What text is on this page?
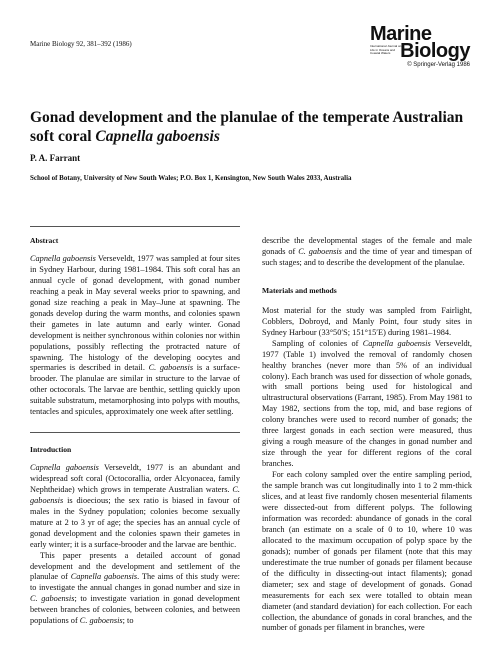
Marine Biology 92, 381–392 (1986)	Marine
Biology
International Journal on Life in Oceans and Coastal Waters
© Springer-Verlag 1986
Gonad development and the planulae of the temperate Australian soft coral Capnella gaboensis
P. A. Farrant
School of Botany, University of New South Wales; P.O. Box 1, Kensington, New South Wales 2033, Australia

Abstract

Capnella gaboensis Verseveldt, 1977 was sampled at four sites in Sydney Harbour, during 1981–1984. This soft coral has an annual cycle of gonad development, with gonad number reaching a peak in May several weeks prior to spawning, and gonad size reaching a peak in May–June at spawning. The gonads develop during the warm months, and colonies spawn their gametes in late autumn and early winter. Gonad development is neither synchronous within colonies nor within populations, possibly reflecting the protracted nature of spawning. The histology of the developing oocytes and spermaries is described in detail. C. gaboensis is a surface-brooder. The planulae are similar in structure to the larvae of other octocorals. The larvae are benthic, settling quickly upon suitable substratum, metamorphosing into polyps with mouths, tentacles and spicules, approximately one week after settling.

Introduction

Capnella gaboensis Verseveldt, 1977 is an abundant and widespread soft coral (Octocorallia, order Alcyonacea, family Nephtheidae) which grows in temperate Australian waters. C. gaboensis is dioecious; the sex ratio is biased in favour of males in the Sydney population; colonies become sexually mature at 2 to 3 yr of age; the species has an annual cycle of gonad development and the colonies spawn their gametes in early winter; it is a surface-brooder and the larvae are benthic.

This paper presents a detailed account of gonad development and the development and settlement of the planulae of Capnella gaboensis. The aims of this study were: to investigate the annual changes in gonad number and size in C. gaboensis; to investigate variation in gonad development between branches of colonies, between colonies, and between populations of C. gaboensis; to

describe the developmental stages of the female and male gonads of C. gaboensis and the time of year and timespan of such stages; and to describe the development of the planulae.

Materials and methods

Most material for the study was sampled from Fairlight, Cobblers, Dobroyd, and Manly Point, four study sites in Sydney Harbour (33°50′S; 151°15′E) during 1981–1984.

Sampling of colonies of Capnella gaboensis Verseveldt, 1977 (Table 1) involved the removal of randomly chosen healthy branches (never more than 5% of an individual colony). Each branch was used for dissection of whole gonads, with small portions being used for histological and ultrastructural observations (Farrant, 1985). From May 1981 to May 1982, sections from the top, mid, and base regions of colony branches were used to record number of gonads; the three largest gonads in each section were measured, thus giving a rough measure of the changes in gonad number and size through the year for different regions of the coral branches.

For each colony sampled over the entire sampling period, the sample branch was cut longitudinally into 1 to 2 mm-thick slices, and at least five randomly chosen mesenterial filaments were dissected-out from different polyps. The following information was recorded: abundance of gonads in the coral branch (an estimate on a scale of 0 to 10, where 10 was allocated to the maximum occupation of polyp space by the gonads); number of gonads per filament (note that this may underestimate the true number of gonads per filament because of the difficulty in dissecting-out intact filaments); gonad diameter; sex and stage of development of gonads. Gonad measurements for each sex were totalled to obtain mean diameter (and standard deviation) for each collection. For each collection, the abundance of gonads in coral branches, and the number of gonads per filament in branches, were
